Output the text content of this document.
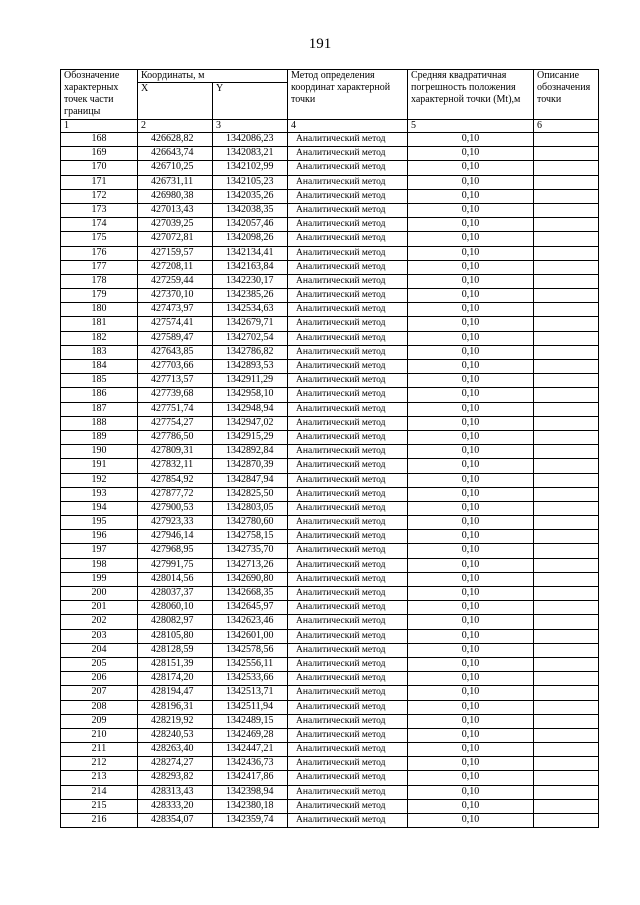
191
Обозначение характерных точек части границы	Координаты, м		Метод определения координат характерной точки	Средняя квадратичная погрешность положения характерной точки (Mt),м	Описание обозначения точки
	X	Y			
1	2	3	4	5	6
168	426628,82	1342086,23	Аналитический метод	0,10	
169	426643,74	1342083,21	Аналитический метод	0,10	
170	426710,25	1342102,99	Аналитический метод	0,10	
171	426731,11	1342105,23	Аналитический метод	0,10	
172	426980,38	1342035,26	Аналитический метод	0,10	
173	427013,43	1342038,35	Аналитический метод	0,10	
174	427039,25	1342057,46	Аналитический метод	0,10	
175	427072,81	1342098,26	Аналитический метод	0,10	
176	427159,57	1342134,41	Аналитический метод	0,10	
177	427208,11	1342163,84	Аналитический метод	0,10	
178	427259,44	1342230,17	Аналитический метод	0,10	
179	427370,10	1342385,26	Аналитический метод	0,10	
180	427473,97	1342534,63	Аналитический метод	0,10	
181	427574,41	1342679,71	Аналитический метод	0,10	
182	427589,47	1342702,54	Аналитический метод	0,10	
183	427643,85	1342786,82	Аналитический метод	0,10	
184	427703,66	1342893,53	Аналитический метод	0,10	
185	427713,57	1342911,29	Аналитический метод	0,10	
186	427739,68	1342958,10	Аналитический метод	0,10	
187	427751,74	1342948,94	Аналитический метод	0,10	
188	427754,27	1342947,02	Аналитический метод	0,10	
189	427786,50	1342915,29	Аналитический метод	0,10	
190	427809,31	1342892,84	Аналитический метод	0,10	
191	427832,11	1342870,39	Аналитический метод	0,10	
192	427854,92	1342847,94	Аналитический метод	0,10	
193	427877,72	1342825,50	Аналитический метод	0,10	
194	427900,53	1342803,05	Аналитический метод	0,10	
195	427923,33	1342780,60	Аналитический метод	0,10	
196	427946,14	1342758,15	Аналитический метод	0,10	
197	427968,95	1342735,70	Аналитический метод	0,10	
198	427991,75	1342713,26	Аналитический метод	0,10	
199	428014,56	1342690,80	Аналитический метод	0,10	
200	428037,37	1342668,35	Аналитический метод	0,10	
201	428060,10	1342645,97	Аналитический метод	0,10	
202	428082,97	1342623,46	Аналитический метод	0,10	
203	428105,80	1342601,00	Аналитический метод	0,10	
204	428128,59	1342578,56	Аналитический метод	0,10	
205	428151,39	1342556,11	Аналитический метод	0,10	
206	428174,20	1342533,66	Аналитический метод	0,10	
207	428194,47	1342513,71	Аналитический метод	0,10	
208	428196,31	1342511,94	Аналитический метод	0,10	
209	428219,92	1342489,15	Аналитический метод	0,10	
210	428240,53	1342469,28	Аналитический метод	0,10	
211	428263,40	1342447,21	Аналитический метод	0,10	
212	428274,27	1342436,73	Аналитический метод	0,10	
213	428293,82	1342417,86	Аналитический метод	0,10	
214	428313,43	1342398,94	Аналитический метод	0,10	
215	428333,20	1342380,18	Аналитический метод	0,10	
216	428354,07	1342359,74	Аналитический метод	0,10	
